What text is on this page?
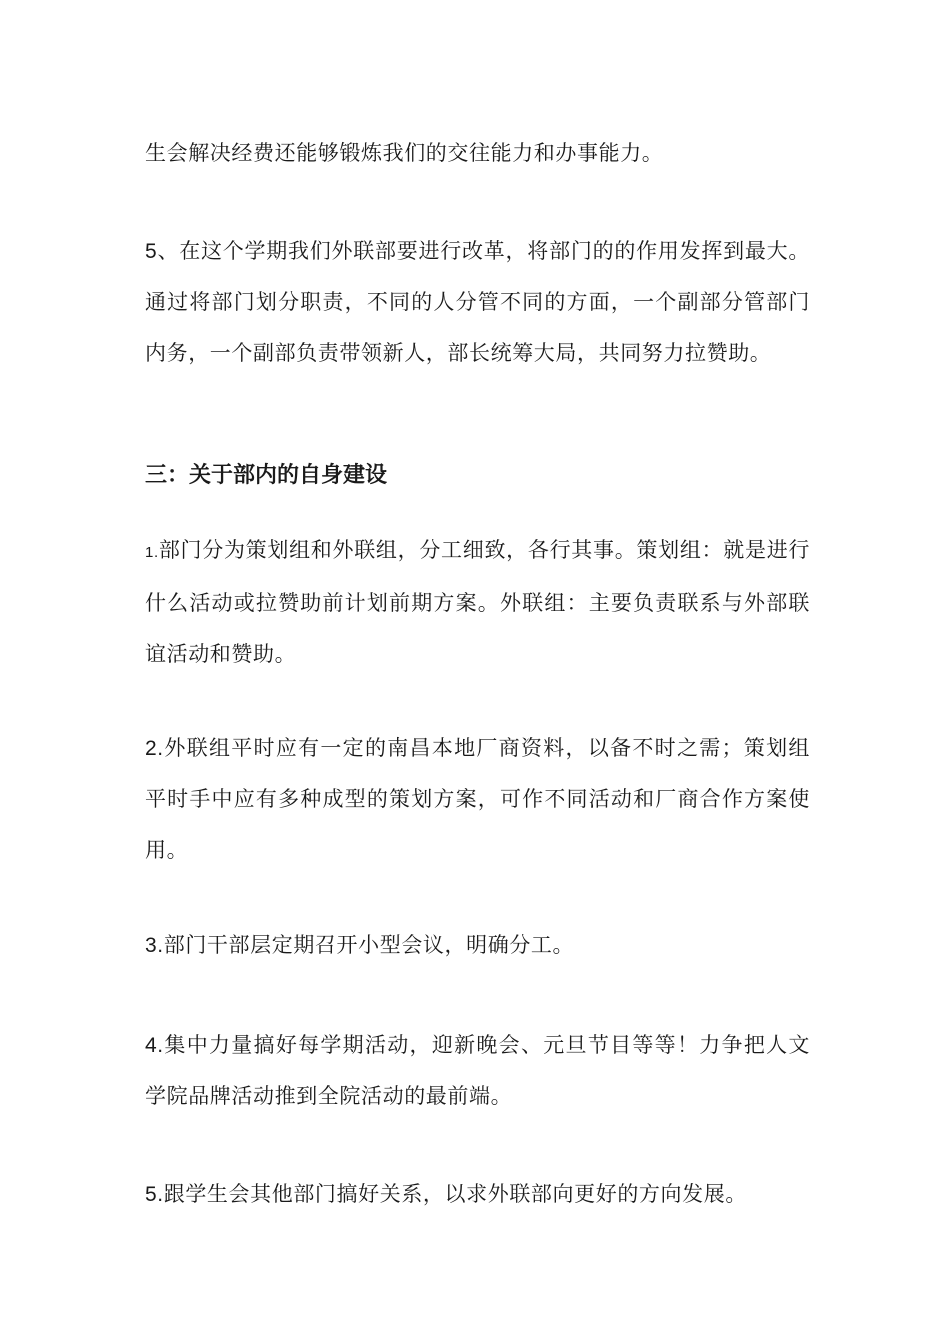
生会解决经费还能够锻炼我们的交往能力和办事能力。

5、在这个学期我们外联部要进行改革，将部门的的作用发挥到最大。通过将部门划分职责，不同的人分管不同的方面，一个副部分管部门内务，一个副部负责带领新人，部长统筹大局，共同努力拉赞助。

三：关于部内的自身建设

1.部门分为策划组和外联组，分工细致，各行其事。策划组：就是进行什么活动或拉赞助前计划前期方案。外联组：主要负责联系与外部联谊活动和赞助。

2.外联组平时应有一定的南昌本地厂商资料，以备不时之需；策划组平时手中应有多种成型的策划方案，可作不同活动和厂商合作方案使用。

3.部门干部层定期召开小型会议，明确分工。

4.集中力量搞好每学期活动，迎新晚会、元旦节目等等！力争把人文学院品牌活动推到全院活动的最前端。

5.跟学生会其他部门搞好关系，以求外联部向更好的方向发展。
